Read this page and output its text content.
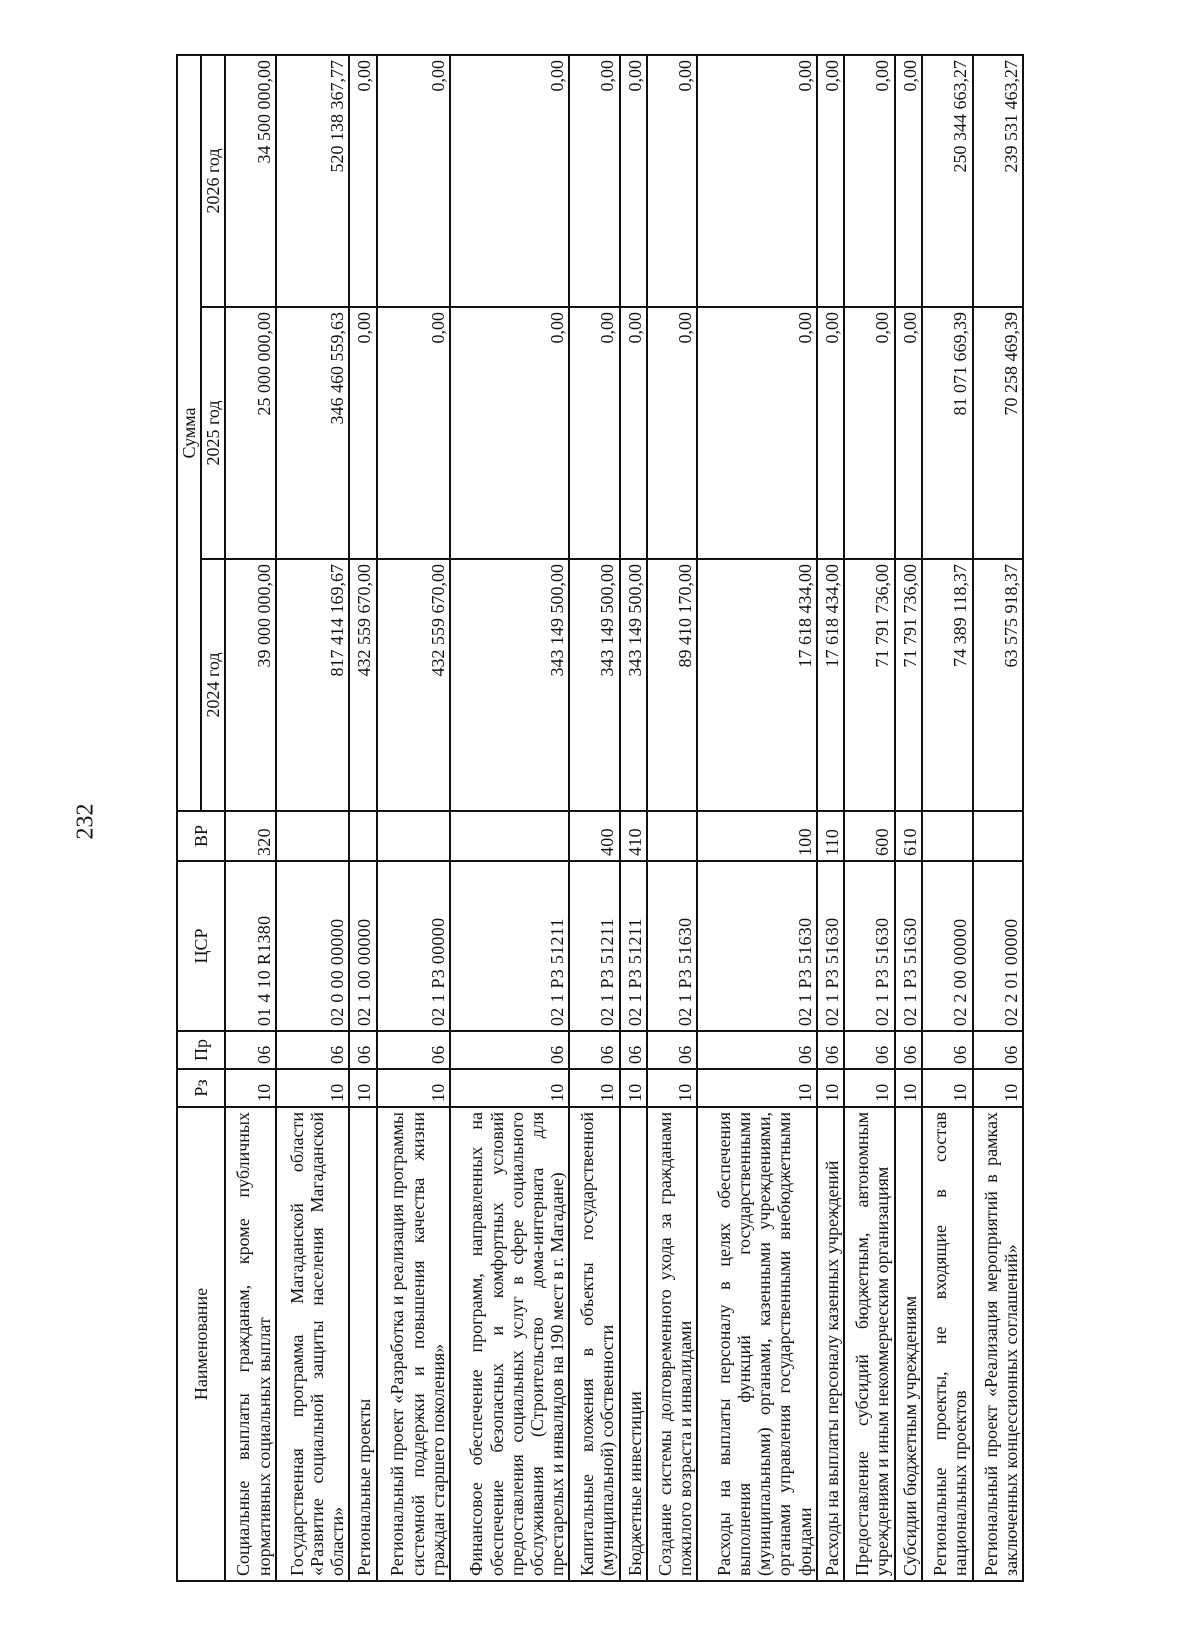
232
Наименование	Рз	Пр	ЦСР	ВР	Сумма		
					2024 год	2025 год	2026 год
Социальные выплаты гражданам, кроме публичных нормативных социальных выплат	10	06	01 4 10 R1380	320	39 000 000,00	25 000 000,00	34 500 000,00
Государственная программа Магаданской области «Развитие социальной защиты населения Магаданской области»	10	06	02 0 00 00000		817 414 169,67	346 460 559,63	520 138 367,77
Региональные проекты	10	06	02 1 00 00000		432 559 670,00	0,00	0,00
Региональный проект «Разработка и реализация программы системной поддержки и повышения качества жизни граждан старшего поколения»	10	06	02 1 Р3 00000		432 559 670,00	0,00	0,00
Финансовое обеспечение программ, направленных на обеспечение безопасных и комфортных условий предоставления социальных услуг в сфере социального обслуживания (Строительство дома-интерната для престарелых и инвалидов на 190 мест в г. Магадане)	10	06	02 1 Р3 51211		343 149 500,00	0,00	0,00
Капитальные вложения в объекты государственной (муниципальной) собственности	10	06	02 1 Р3 51211	400	343 149 500,00	0,00	0,00
Бюджетные инвестиции	10	06	02 1 Р3 51211	410	343 149 500,00	0,00	0,00
Создание системы долговременного ухода за гражданами пожилого возраста и инвалидами	10	06	02 1 Р3 51630		89 410 170,00	0,00	0,00
Расходы на выплаты персоналу в целях обеспечения выполнения функций государственными (муниципальными) органами, казенными учреждениями, органами управления государственными внебюджетными фондами	10	06	02 1 Р3 51630	100	17 618 434,00	0,00	0,00
Расходы на выплаты персоналу казенных учреждений	10	06	02 1 Р3 51630	110	17 618 434,00	0,00	0,00
Предоставление субсидий бюджетным, автономным учреждениям и иным некоммерческим организациям	10	06	02 1 Р3 51630	600	71 791 736,00	0,00	0,00
Субсидии бюджетным учреждениям	10	06	02 1 Р3 51630	610	71 791 736,00	0,00	0,00
Региональные проекты, не входящие в состав национальных проектов	10	06	02 2 00 00000		74 389 118,37	81 071 669,39	250 344 663,27
Региональный проект «Реализация мероприятий в рамках заключенных концессионных соглашений»	10	06	02 2 01 00000		63 575 918,37	70 258 469,39	239 531 463,27
